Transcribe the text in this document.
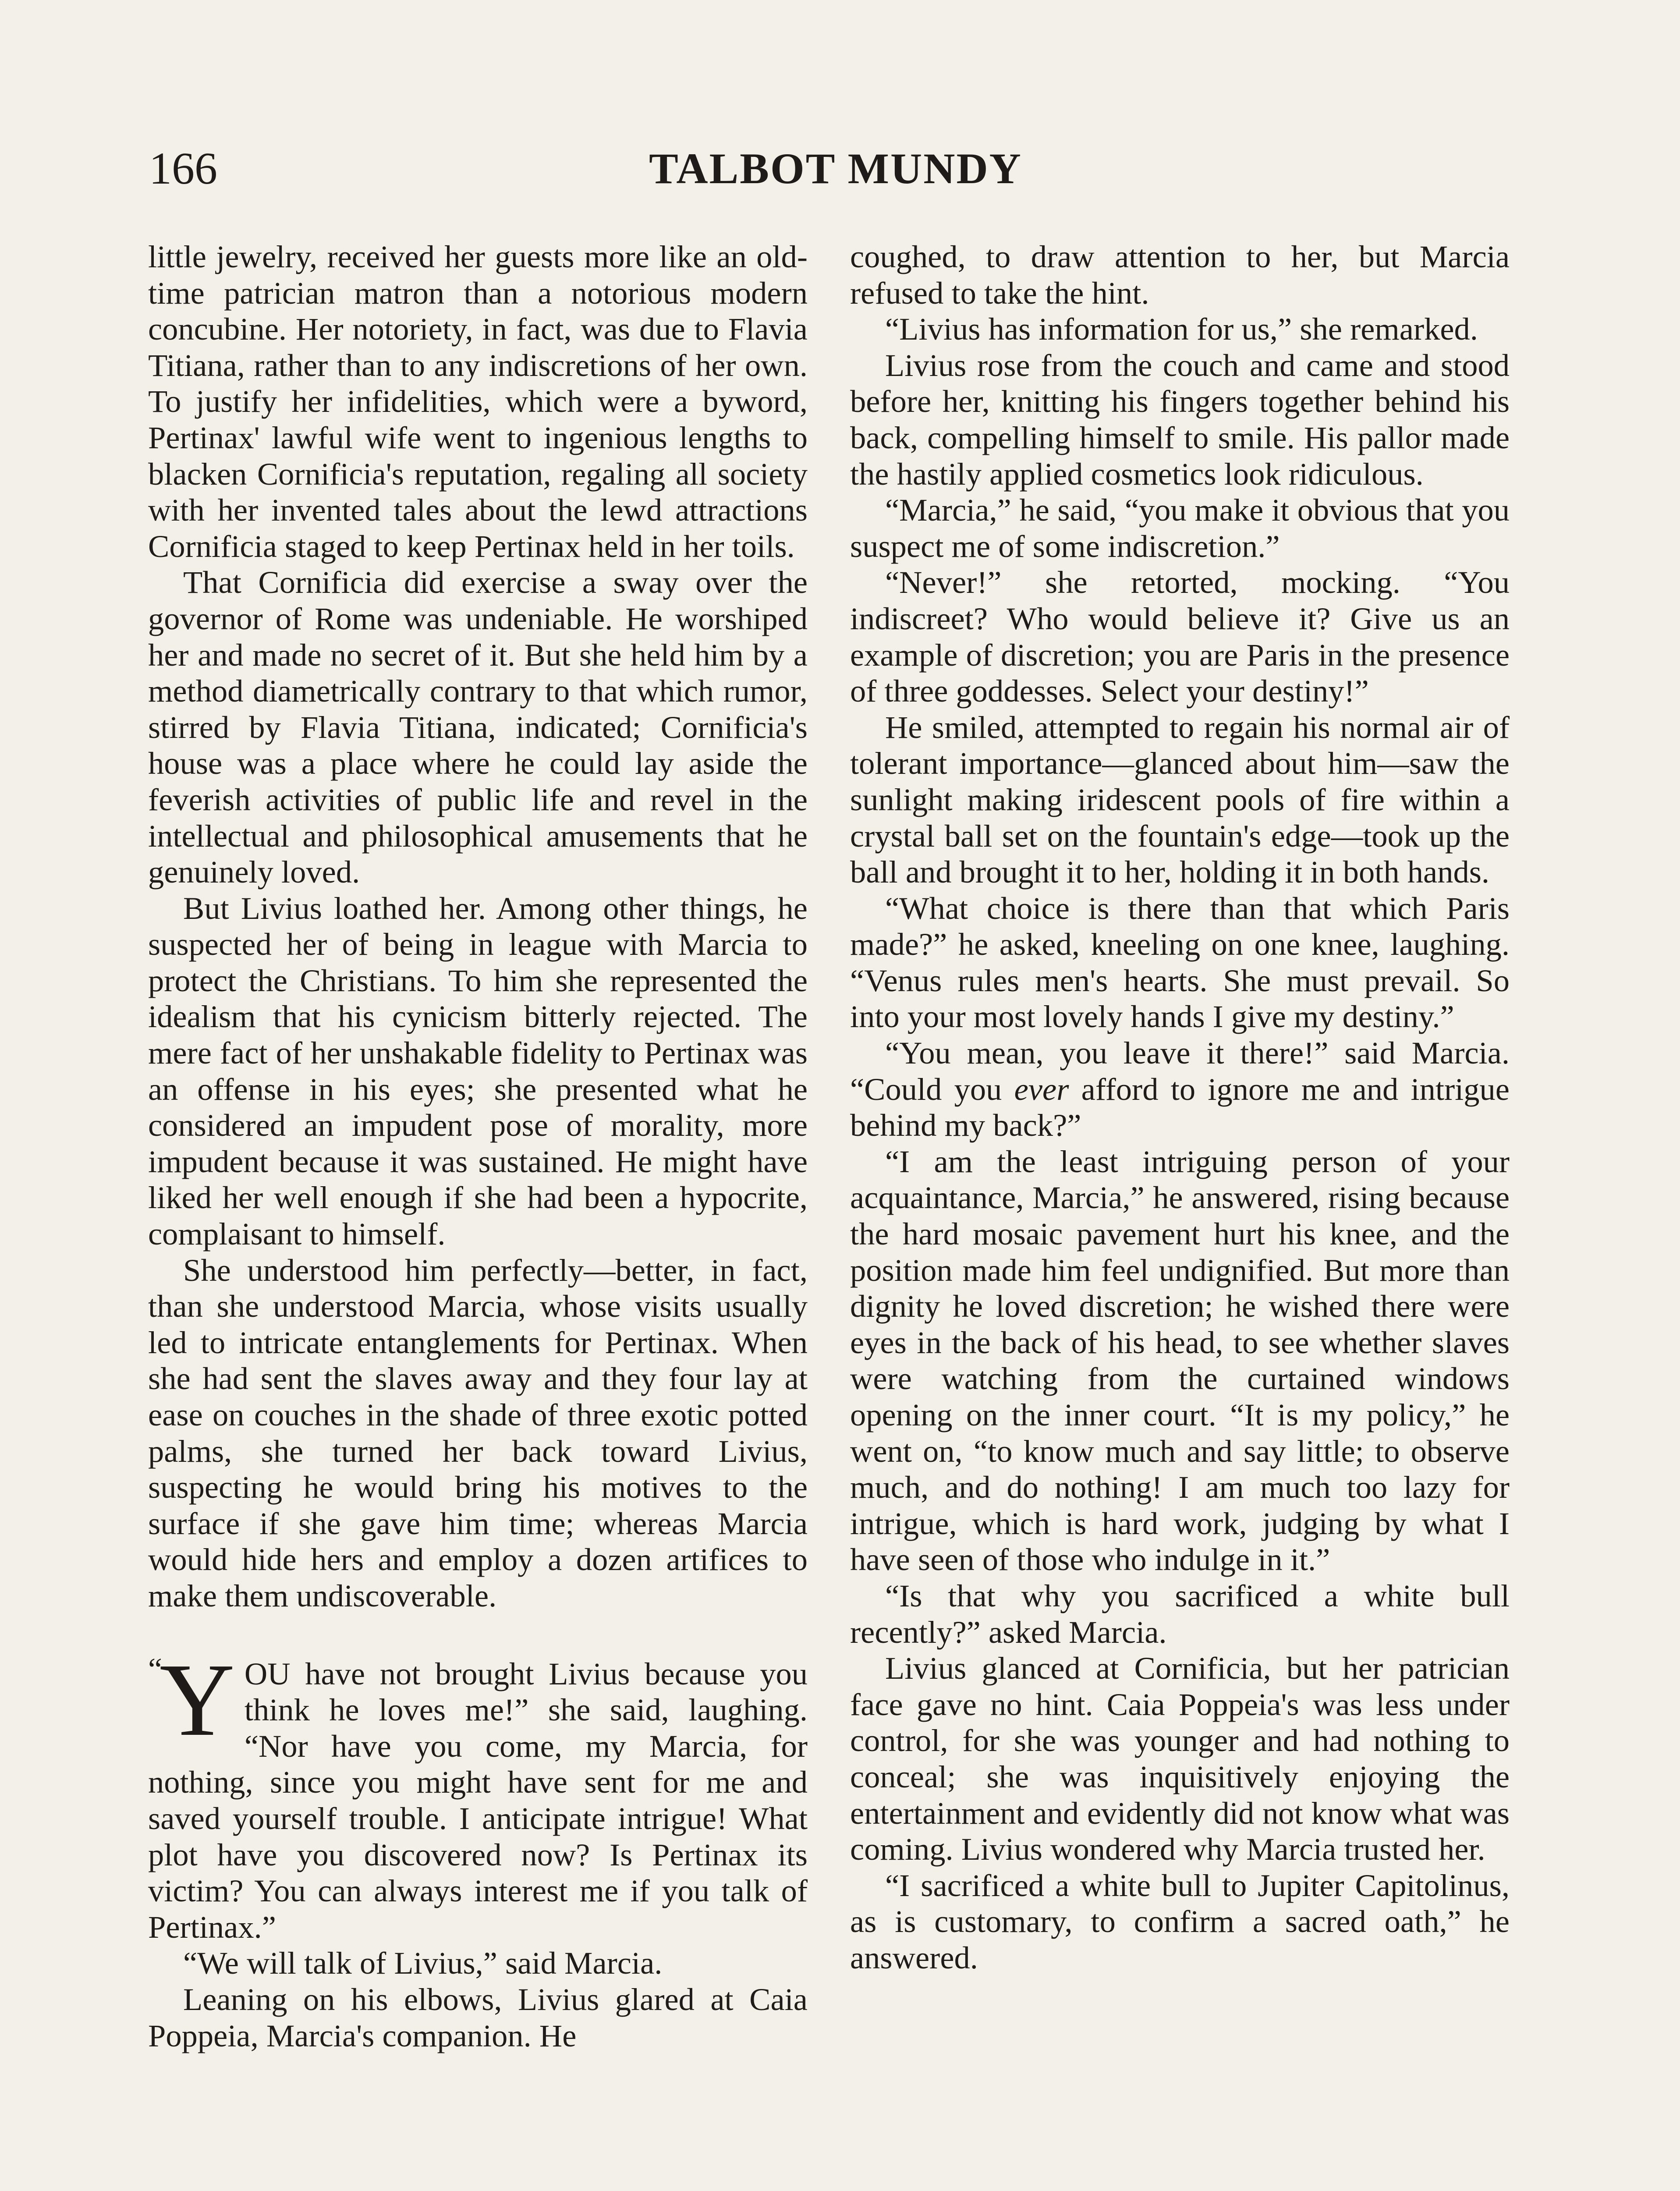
166	TALBOT MUNDY

little jewelry, received her guests more like an old-time patrician matron than a notorious modern concubine. Her notoriety, in fact, was due to Flavia Titiana, rather than to any indiscretions of her own. To justify her infidelities, which were a byword, Pertinax' lawful wife went to ingenious lengths to blacken Cornificia's reputation, regaling all society with her invented tales about the lewd attractions Cornificia staged to keep Pertinax held in her toils.

That Cornificia did exercise a sway over the governor of Rome was undeniable. He worshiped her and made no secret of it. But she held him by a method diametrically contrary to that which rumor, stirred by Flavia Titiana, indicated; Cornificia's house was a place where he could lay aside the feverish activities of public life and revel in the intellectual and philosophical amusements that he genuinely loved.

But Livius loathed her. Among other things, he suspected her of being in league with Marcia to protect the Christians. To him she represented the idealism that his cynicism bitterly rejected. The mere fact of her unshakable fidelity to Pertinax was an offense in his eyes; she presented what he considered an impudent pose of morality, more impudent because it was sustained. He might have liked her well enough if she had been a hypocrite, complaisant to himself.

She understood him perfectly—better, in fact, than she understood Marcia, whose visits usually led to intricate entanglements for Pertinax. When she had sent the slaves away and they four lay at ease on couches in the shade of three exotic potted palms, she turned her back toward Livius, suspecting he would bring his motives to the surface if she gave him time; whereas Marcia would hide hers and employ a dozen artifices to make them undiscoverable.

“
Y OU have not brought Livius because you think he loves me!” she said, laughing. “Nor have you come, my Marcia, for nothing, since you might have sent for me and saved yourself trouble. I anticipate intrigue! What plot have you discovered now? Is Pertinax its victim? You can always interest me if you talk of Pertinax.”

“We will talk of Livius,” said Marcia.

Leaning on his elbows, Livius glared at Caia Poppeia, Marcia's companion. He

coughed, to draw attention to her, but Marcia refused to take the hint.

“Livius has information for us,” she remarked.

Livius rose from the couch and came and stood before her, knitting his fingers together behind his back, compelling himself to smile. His pallor made the hastily applied cosmetics look ridiculous.

“Marcia,” he said, “you make it obvious that you suspect me of some indiscretion.”

“Never!” she retorted, mocking. “You indiscreet? Who would believe it? Give us an example of discretion; you are Paris in the presence of three goddesses. Select your destiny!”

He smiled, attempted to regain his normal air of tolerant importance—glanced about him—saw the sunlight making iridescent pools of fire within a crystal ball set on the fountain's edge—took up the ball and brought it to her, holding it in both hands.

“What choice is there than that which Paris made?” he asked, kneeling on one knee, laughing. “Venus rules men's hearts. She must prevail. So into your most lovely hands I give my destiny.”

“You mean, you leave it there!” said Marcia. “Could you ever afford to ignore me and intrigue behind my back?”

“I am the least intriguing person of your acquaintance, Marcia,” he answered, rising because the hard mosaic pavement hurt his knee, and the position made him feel undignified. But more than dignity he loved discretion; he wished there were eyes in the back of his head, to see whether slaves were watching from the curtained windows opening on the inner court. “It is my policy,” he went on, “to know much and say little; to observe much, and do nothing! I am much too lazy for intrigue, which is hard work, judging by what I have seen of those who indulge in it.”

“Is that why you sacrificed a white bull recently?” asked Marcia.

Livius glanced at Cornificia, but her patrician face gave no hint. Caia Poppeia's was less under control, for she was younger and had nothing to conceal; she was inquisitively enjoying the entertainment and evidently did not know what was coming. Livius wondered why Marcia trusted her.

“I sacrificed a white bull to Jupiter Capitolinus, as is customary, to confirm a sacred oath,” he answered.
